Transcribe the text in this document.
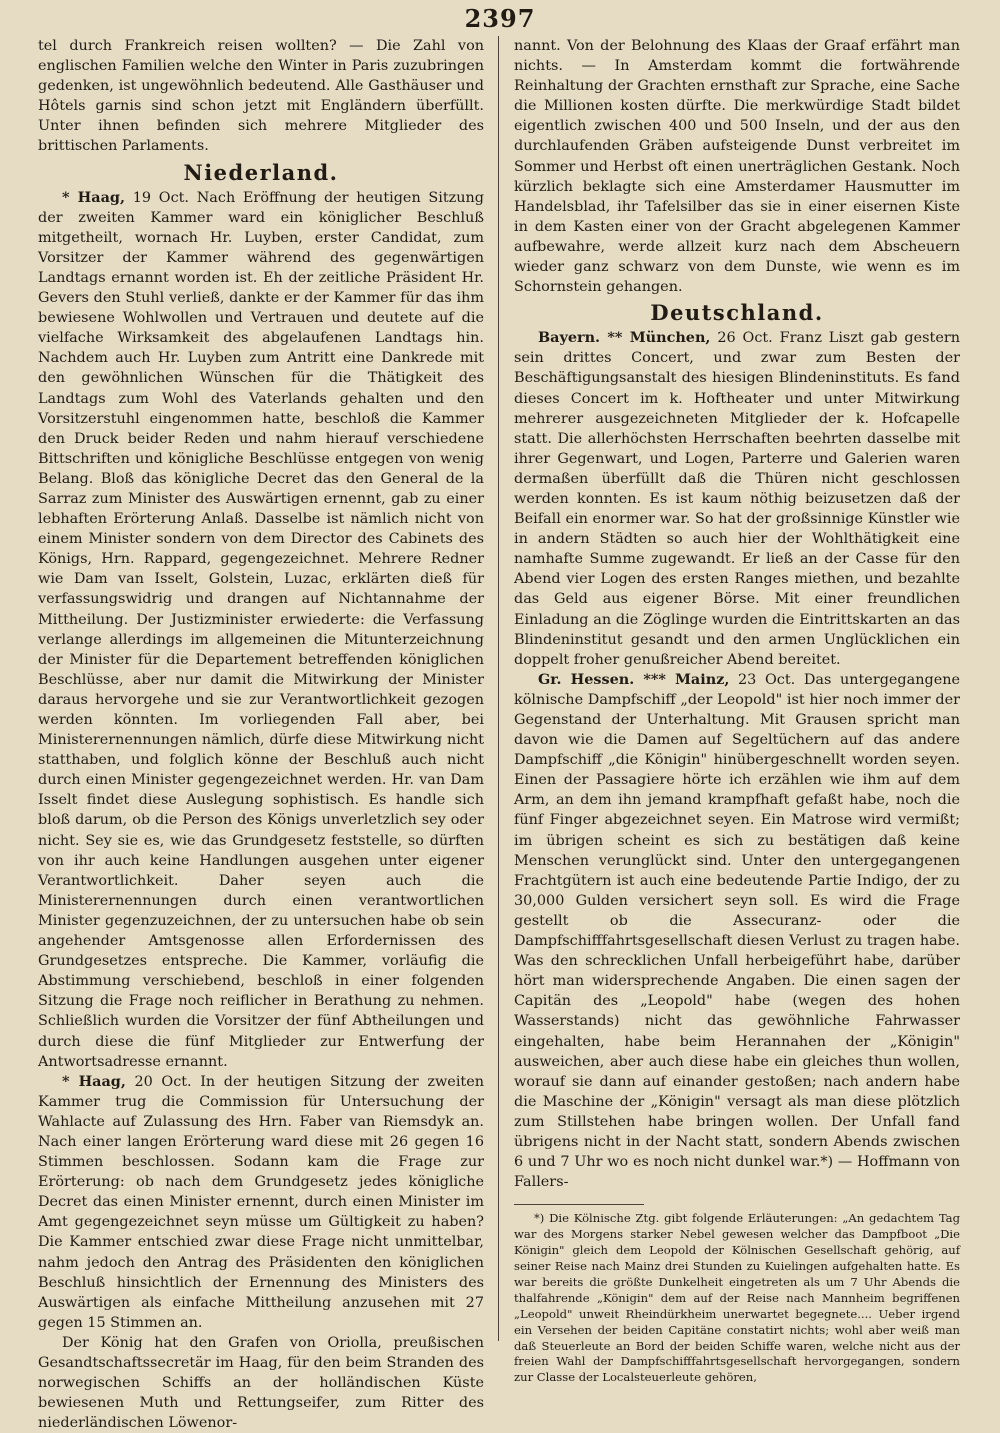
2397

tel durch Frankreich reisen wollten? — Die Zahl von englischen Familien welche den Winter in Paris zuzubringen gedenken, ist ungewöhnlich bedeutend. Alle Gasthäuser und Hôtels garnis sind schon jetzt mit Engländern überfüllt. Unter ihnen befinden sich mehrere Mitglieder des brittischen Parlaments.

Niederland.

* Haag, 19 Oct. Nach Eröffnung der heutigen Sitzung der zweiten Kammer ward ein königlicher Beschluß mitgetheilt, wornach Hr. Luyben, erster Candidat, zum Vorsitzer der Kammer während des gegenwärtigen Landtags ernannt worden ist. Eh der zeitliche Präsident Hr. Gevers den Stuhl verließ, dankte er der Kammer für das ihm bewiesene Wohlwollen und Vertrauen und deutete auf die vielfache Wirksamkeit des abgelaufenen Landtags hin. Nachdem auch Hr. Luyben zum Antritt eine Dankrede mit den gewöhnlichen Wünschen für die Thätigkeit des Landtags zum Wohl des Vaterlands gehalten und den Vorsitzerstuhl eingenommen hatte, beschloß die Kammer den Druck beider Reden und nahm hierauf verschiedene Bittschriften und königliche Beschlüsse entgegen von wenig Belang. Bloß das königliche Decret das den General de la Sarraz zum Minister des Auswärtigen ernennt, gab zu einer lebhaften Erörterung Anlaß. Dasselbe ist nämlich nicht von einem Minister sondern von dem Director des Cabinets des Königs, Hrn. Rappard, gegengezeichnet. Mehrere Redner wie Dam van Isselt, Golstein, Luzac, erklärten dieß für verfassungswidrig und drangen auf Nichtannahme der Mittheilung. Der Justizminister erwiederte: die Verfassung verlange allerdings im allgemeinen die Mitunterzeichnung der Minister für die Departement betreffenden königlichen Beschlüsse, aber nur damit die Mitwirkung der Minister daraus hervorgehe und sie zur Verantwortlichkeit gezogen werden könnten. Im vorliegenden Fall aber, bei Ministerernennungen nämlich, dürfe diese Mitwirkung nicht statthaben, und folglich könne der Beschluß auch nicht durch einen Minister gegengezeichnet werden. Hr. van Dam Isselt findet diese Auslegung sophistisch. Es handle sich bloß darum, ob die Person des Königs unverletzlich sey oder nicht. Sey sie es, wie das Grundgesetz feststelle, so dürften von ihr auch keine Handlungen ausgehen unter eigener Verantwortlichkeit. Daher seyen auch die Ministerernennungen durch einen verantwortlichen Minister gegenzuzeichnen, der zu untersuchen habe ob sein angehender Amtsgenosse allen Erfordernissen des Grundgesetzes entspreche. Die Kammer, vorläufig die Abstimmung verschiebend, beschloß in einer folgenden Sitzung die Frage noch reiflicher in Berathung zu nehmen. Schließlich wurden die Vorsitzer der fünf Abtheilungen und durch diese die fünf Mitglieder zur Entwerfung der Antwortsadresse ernannt.

* Haag, 20 Oct. In der heutigen Sitzung der zweiten Kammer trug die Commission für Untersuchung der Wahlacte auf Zulassung des Hrn. Faber van Riemsdyk an. Nach einer langen Erörterung ward diese mit 26 gegen 16 Stimmen beschlossen. Sodann kam die Frage zur Erörterung: ob nach dem Grundgesetz jedes königliche Decret das einen Minister ernennt, durch einen Minister im Amt gegengezeichnet seyn müsse um Gültigkeit zu haben? Die Kammer entschied zwar diese Frage nicht unmittelbar, nahm jedoch den Antrag des Präsidenten den königlichen Beschluß hinsichtlich der Ernennung des Ministers des Auswärtigen als einfache Mittheilung anzusehen mit 27 gegen 15 Stimmen an.

Der König hat den Grafen von Oriolla, preußischen Gesandtschaftssecretär im Haag, für den beim Stranden des norwegischen Schiffs an der holländischen Küste bewiesenen Muth und Rettungseifer, zum Ritter des niederländischen Löwenor-

nannt. Von der Belohnung des Klaas der Graaf erfährt man nichts. — In Amsterdam kommt die fortwährende Reinhaltung der Grachten ernsthaft zur Sprache, eine Sache die Millionen kosten dürfte. Die merkwürdige Stadt bildet eigentlich zwischen 400 und 500 Inseln, und der aus den durchlaufenden Gräben aufsteigende Dunst verbreitet im Sommer und Herbst oft einen unerträglichen Gestank. Noch kürzlich beklagte sich eine Amsterdamer Hausmutter im Handelsblad, ihr Tafelsilber das sie in einer eisernen Kiste in dem Kasten einer von der Gracht abgelegenen Kammer aufbewahre, werde allzeit kurz nach dem Abscheuern wieder ganz schwarz von dem Dunste, wie wenn es im Schornstein gehangen.

Deutschland.

Bayern. ** München, 26 Oct. Franz Liszt gab gestern sein drittes Concert, und zwar zum Besten der Beschäftigungsanstalt des hiesigen Blindeninstituts. Es fand dieses Concert im k. Hoftheater und unter Mitwirkung mehrerer ausgezeichneten Mitglieder der k. Hofcapelle statt. Die allerhöchsten Herrschaften beehrten dasselbe mit ihrer Gegenwart, und Logen, Parterre und Galerien waren dermaßen überfüllt daß die Thüren nicht geschlossen werden konnten. Es ist kaum nöthig beizusetzen daß der Beifall ein enormer war. So hat der großsinnige Künstler wie in andern Städten so auch hier der Wohlthätigkeit eine namhafte Summe zugewandt. Er ließ an der Casse für den Abend vier Logen des ersten Ranges miethen, und bezahlte das Geld aus eigener Börse. Mit einer freundlichen Einladung an die Zöglinge wurden die Eintrittskarten an das Blindeninstitut gesandt und den armen Unglücklichen ein doppelt froher genußreicher Abend bereitet.

Gr. Hessen. *** Mainz, 23 Oct. Das untergegangene kölnische Dampfschiff „der Leopold" ist hier noch immer der Gegenstand der Unterhaltung. Mit Grausen spricht man davon wie die Damen auf Segeltüchern auf das andere Dampfschiff „die Königin" hinübergeschnellt worden seyen. Einen der Passagiere hörte ich erzählen wie ihm auf dem Arm, an dem ihn jemand krampfhaft gefaßt habe, noch die fünf Finger abgezeichnet seyen. Ein Matrose wird vermißt; im übrigen scheint es sich zu bestätigen daß keine Menschen verunglückt sind. Unter den untergegangenen Frachtgütern ist auch eine bedeutende Partie Indigo, der zu 30,000 Gulden versichert seyn soll. Es wird die Frage gestellt ob die Assecuranz- oder die Dampfschifffahrtsgesellschaft diesen Verlust zu tragen habe. Was den schrecklichen Unfall herbeigeführt habe, darüber hört man widersprechende Angaben. Die einen sagen der Capitän des „Leopold" habe (wegen des hohen Wasserstands) nicht das gewöhnliche Fahrwasser eingehalten, habe beim Herannahen der „Königin" ausweichen, aber auch diese habe ein gleiches thun wollen, worauf sie dann auf einander gestoßen; nach andern habe die Maschine der „Königin" versagt als man diese plötzlich zum Stillstehen habe bringen wollen. Der Unfall fand übrigens nicht in der Nacht statt, sondern Abends zwischen 6 und 7 Uhr wo es noch nicht dunkel war.*) — Hoffmann von Fallers-

*) Die Kölnische Ztg. gibt folgende Erläuterungen: „An gedachtem Tag war des Morgens starker Nebel gewesen welcher das Dampfboot „Die Königin" gleich dem Leopold der Kölnischen Gesellschaft gehörig, auf seiner Reise nach Mainz drei Stunden zu Kuielingen aufgehalten hatte. Es war bereits die größte Dunkelheit eingetreten als um 7 Uhr Abends die thalfahrende „Königin" dem auf der Reise nach Mannheim begriffenen „Leopold" unweit Rheindürkheim unerwartet begegnete.... Ueber irgend ein Versehen der beiden Capitäne constatirt nichts; wohl aber weiß man daß Steuerleute an Bord der beiden Schiffe waren, welche nicht aus der freien Wahl der Dampfschifffahrtsgesellschaft hervorgegangen, sondern zur Classe der Localsteuerleute gehören,
